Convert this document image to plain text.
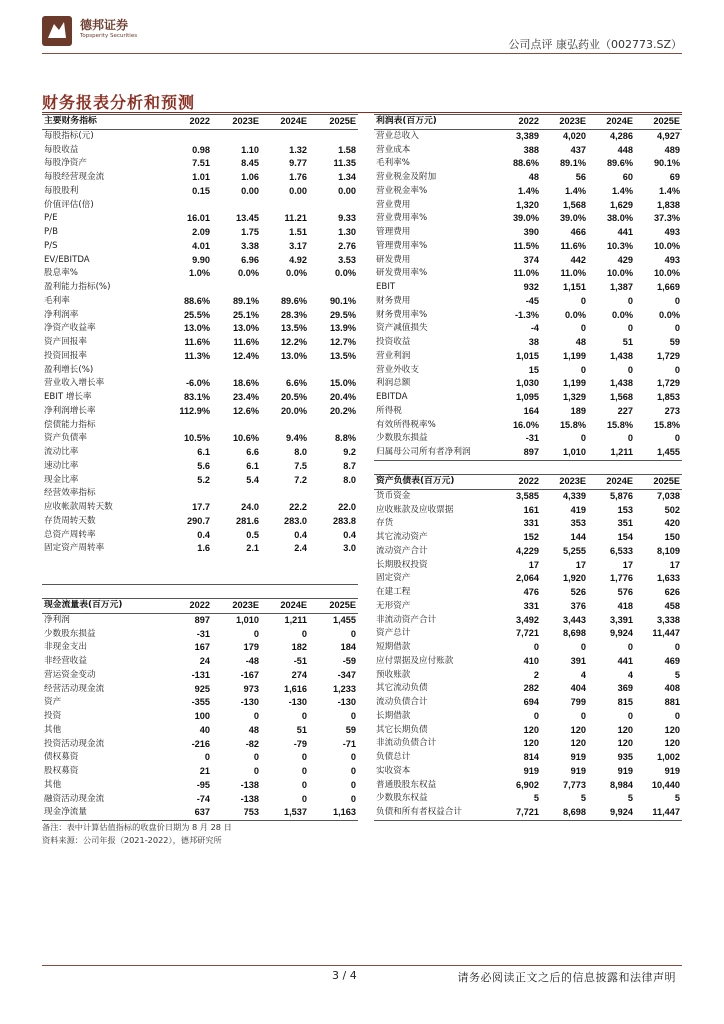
德邦证券
Topsperity Securities
公司点评 康弘药业（002773.SZ）
财务报表分析和预测
主要财务指标	2022	2023E	2024E	2025E
每股指标(元)				
每股收益	0.98	1.10	1.32	1.58
每股净资产	7.51	8.45	9.77	11.35
每股经营现金流	1.01	1.06	1.76	1.34
每股股利	0.15	0.00	0.00	0.00
价值评估(倍)				
P/E	16.01	13.45	11.21	9.33
P/B	2.09	1.75	1.51	1.30
P/S	4.01	3.38	3.17	2.76
EV/EBITDA	9.90	6.96	4.92	3.53
股息率%	1.0%	0.0%	0.0%	0.0%
盈利能力指标(%)				
毛利率	88.6%	89.1%	89.6%	90.1%
净利润率	25.5%	25.1%	28.3%	29.5%
净资产收益率	13.0%	13.0%	13.5%	13.9%
资产回报率	11.6%	11.6%	12.2%	12.7%
投资回报率	11.3%	12.4%	13.0%	13.5%
盈利增长(%)				
营业收入增长率	-6.0%	18.6%	6.6%	15.0%
EBIT 增长率	83.1%	23.4%	20.5%	20.4%
净利润增长率	112.9%	12.6%	20.0%	20.2%
偿债能力指标				
资产负债率	10.5%	10.6%	9.4%	8.8%
流动比率	6.1	6.6	8.0	9.2
速动比率	5.6	6.1	7.5	8.7
现金比率	5.2	5.4	7.2	8.0
经营效率指标				
应收帐款周转天数	17.7	24.0	22.2	22.0
存货周转天数	290.7	281.6	283.0	283.8
总资产周转率	0.4	0.5	0.4	0.4
固定资产周转率	1.6	2.1	2.4	3.0

利润表(百万元)	2022	2023E	2024E	2025E
营业总收入	3,389	4,020	4,286	4,927
营业成本	388	437	448	489
毛利率%	88.6%	89.1%	89.6%	90.1%
营业税金及附加	48	56	60	69
营业税金率%	1.4%	1.4%	1.4%	1.4%
营业费用	1,320	1,568	1,629	1,838
营业费用率%	39.0%	39.0%	38.0%	37.3%
管理费用	390	466	441	493
管理费用率%	11.5%	11.6%	10.3%	10.0%
研发费用	374	442	429	493
研发费用率%	11.0%	11.0%	10.0%	10.0%
EBIT	932	1,151	1,387	1,669
财务费用	-45	0	0	0
财务费用率%	-1.3%	0.0%	0.0%	0.0%
资产减值损失	-4	0	0	0
投资收益	38	48	51	59
营业利润	1,015	1,199	1,438	1,729
营业外收支	15	0	0	0
利润总额	1,030	1,199	1,438	1,729
EBITDA	1,095	1,329	1,568	1,853
所得税	164	189	227	273
有效所得税率%	16.0%	15.8%	15.8%	15.8%
少数股东损益	-31	0	0	0
归属母公司所有者净利润	897	1,010	1,211	1,455
资产负债表(百万元)	2022	2023E	2024E	2025E
货币资金	3,585	4,339	5,876	7,038
应收账款及应收票据	161	419	153	502
存货	331	353	351	420
其它流动资产	152	144	154	150
流动资产合计	4,229	5,255	6,533	8,109
长期股权投资	17	17	17	17
固定资产	2,064	1,920	1,776	1,633
在建工程	476	526	576	626
无形资产	331	376	418	458
非流动资产合计	3,492	3,443	3,391	3,338
资产总计	7,721	8,698	9,924	11,447
短期借款	0	0	0	0
应付票据及应付账款	410	391	441	469
预收账款	2	4	4	5
其它流动负债	282	404	369	408
流动负债合计	694	799	815	881
长期借款	0	0	0	0
其它长期负债	120	120	120	120
非流动负债合计	120	120	120	120
负债总计	814	919	935	1,002
实收资本	919	919	919	919
普通股股东权益	6,902	7,773	8,984	10,440
少数股东权益	5	5	5	5
负债和所有者权益合计	7,721	8,698	9,924	11,447
现金流量表(百万元)	2022	2023E	2024E	2025E
净利润	897	1,010	1,211	1,455
少数股东损益	-31	0	0	0
非现金支出	167	179	182	184
非经营收益	24	-48	-51	-59
营运资金变动	-131	-167	274	-347
经营活动现金流	925	973	1,616	1,233
资产	-355	-130	-130	-130
投资	100	0	0	0
其他	40	48	51	59
投资活动现金流	-216	-82	-79	-71
债权募资	0	0	0	0
股权募资	21	0	0	0
其他	-95	-138	0	0
融资活动现金流	-74	-138	0	0
现金净流量	637	753	1,537	1,163
备注：表中计算估值指标的收盘价日期为 8 月 28 日
资料来源：公司年报（2021-2022），德邦研究所
3 / 4	请务必阅读正文之后的信息披露和法律声明
